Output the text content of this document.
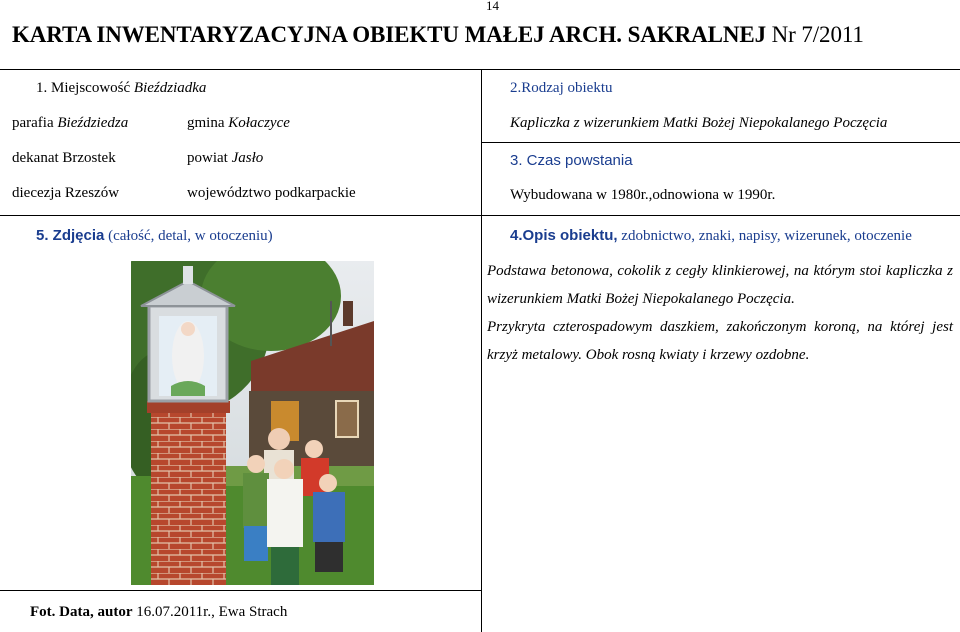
14
KARTA INWENTARYZACYJNA OBIEKTU MAŁEJ ARCH. SAKRALNEJ Nr 7/2011
1. Miejscowość Bieździadka
parafia Bieździedza	gmina Kołaczyce
dekanat Brzostek	powiat Jasło
diecezja Rzeszów	województwo podkarpackie
2.Rodzaj obiektu
Kapliczka z wizerunkiem Matki Bożej Niepokalanego Poczęcia
3. Czas powstania
Wybudowana w 1980r.,odnowiona w 1990r.
5. Zdjęcia (całość, detal, w otoczeniu)	4.Opis obiektu, zdobnictwo, znaki, napisy, wizerunek, otoczenie

Podstawa betonowa, cokolik z cegły klinkierowej, na którym stoi kapliczka z wizerunkiem Matki Bożej Niepokalanego Poczęcia.

Przykryta czterospadowym daszkiem, zakończonym koroną, na której jest krzyż metalowy. Obok rosną kwiaty i krzewy ozdobne.

Fot. Data, autor 16.07.2011r., Ewa Strach
